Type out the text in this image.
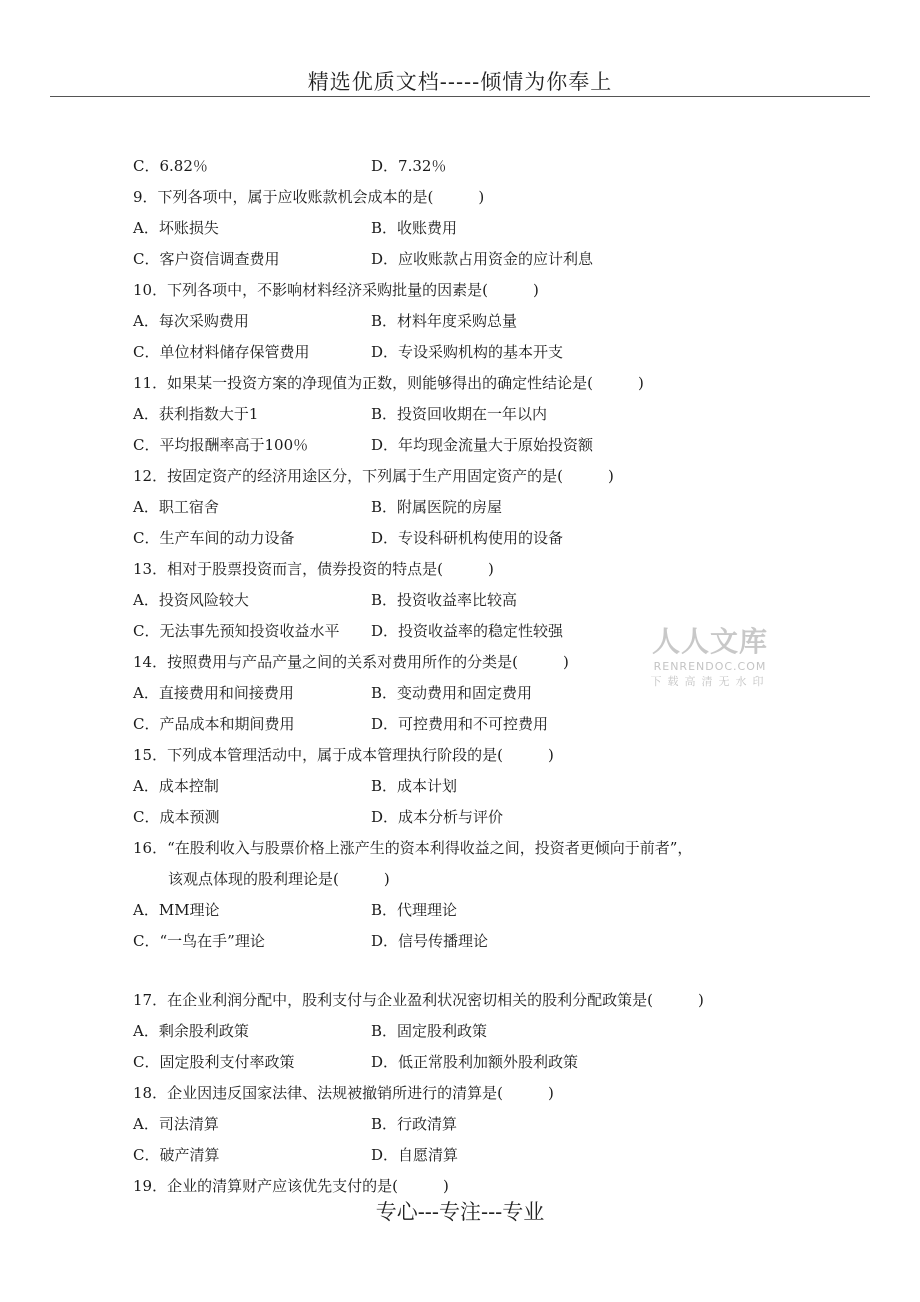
精选优质文档-----倾情为你奉上
C．6.82％	D．7.32％
9．下列各项中，属于应收账款机会成本的是(　　　)
A．坏账损失	B．收账费用
C．客户资信调查费用	D．应收账款占用资金的应计利息
10．下列各项中，不影响材料经济采购批量的因素是(　　　)
A．每次采购费用	B．材料年度采购总量
C．单位材料储存保管费用	D．专设采购机构的基本开支
11．如果某一投资方案的净现值为正数，则能够得出的确定性结论是(　　　)
A．获利指数大于1	B．投资回收期在一年以内
C．平均报酬率高于100％	D．年均现金流量大于原始投资额
12．按固定资产的经济用途区分，下列属于生产用固定资产的是(　　　)
A．职工宿舍	B．附属医院的房屋
C．生产车间的动力设备	D．专设科研机构使用的设备
13．相对于股票投资而言，债券投资的特点是(　　　)
A．投资风险较大	B．投资收益率比较高
C．无法事先预知投资收益水平 D．投资收益率的稳定性较强
14．按照费用与产品产量之间的关系对费用所作的分类是(　　　)
A．直接费用和间接费用	B．变动费用和固定费用
C．产品成本和期间费用	D．可控费用和不可控费用
15．下列成本管理活动中，属于成本管理执行阶段的是(　　　)
A．成本控制	B．成本计划
C．成本预测	D．成本分析与评价
16．“在股利收入与股票价格上涨产生的资本利得收益之间，投资者更倾向于前者”，
该观点体现的股利理论是(　　　)
A．MM理论	B．代理理论
C．“一鸟在手”理论	D．信号传播理论
17．在企业利润分配中，股利支付与企业盈利状况密切相关的股利分配政策是(　　　)
A．剩余股利政策	B．固定股利政策
C．固定股利支付率政策	D．低正常股利加额外股利政策
18．企业因违反国家法律、法规被撤销所进行的清算是(　　　)
A．司法清算	B．行政清算
C．破产清算	D．自愿清算
19．企业的清算财产应该优先支付的是(　　　)
人人文库
RENRENDOC.COM
下载高清无水印
专心---专注---专业
